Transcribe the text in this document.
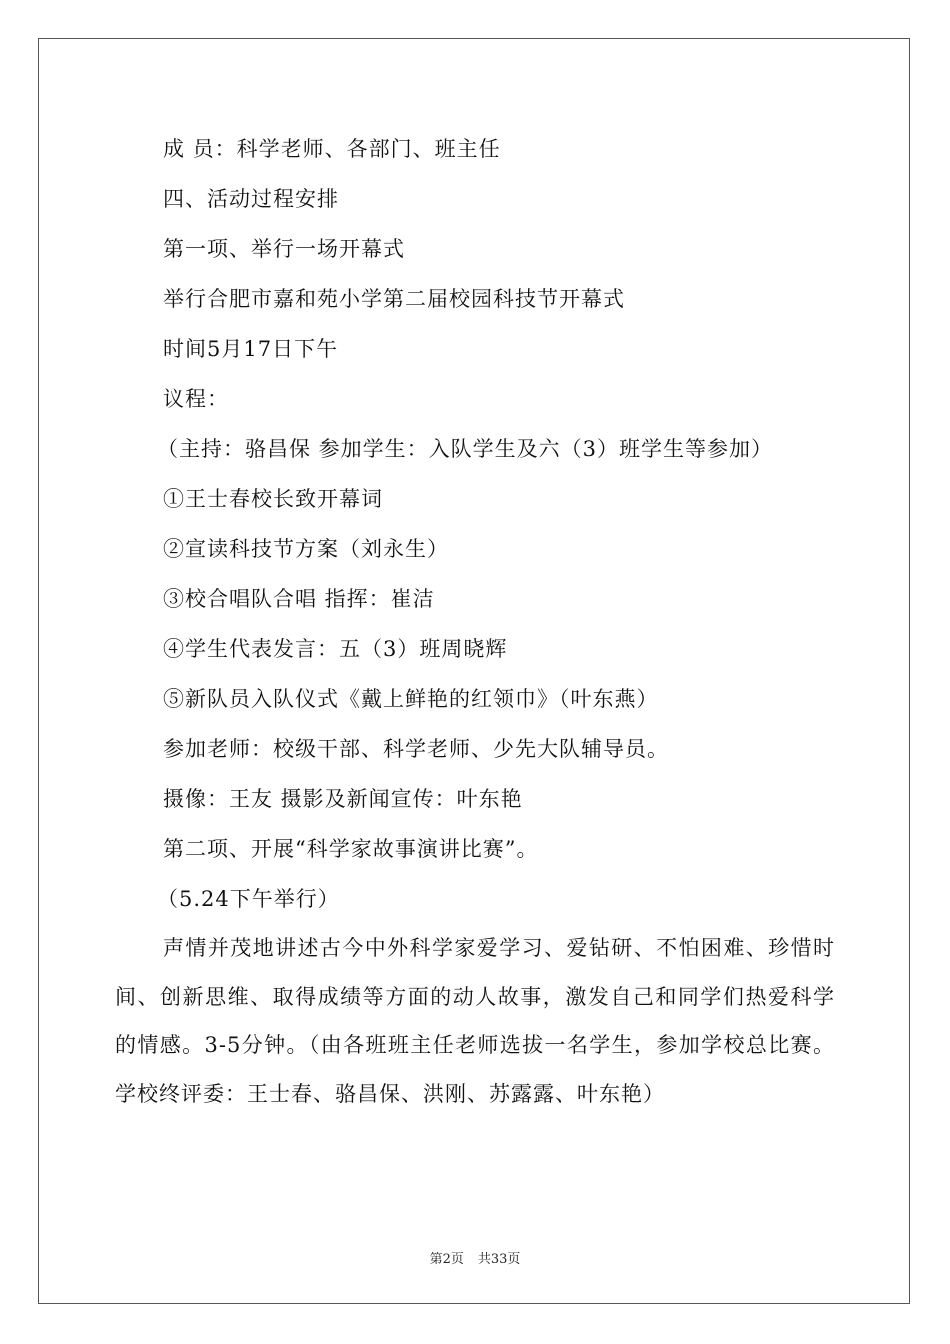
成 员：科学老师、各部门、班主任
四、活动过程安排
第一项、举行一场开幕式
举行合肥市嘉和苑小学第二届校园科技节开幕式
时间5月17日下午
议程：
（主持：骆昌保 参加学生：入队学生及六（3）班学生等参加）
①王士春校长致开幕词
②宣读科技节方案（刘永生）
③校合唱队合唱 指挥：崔洁
④学生代表发言：五（3）班周晓辉
⑤新队员入队仪式《戴上鲜艳的红领巾》（叶东燕）
参加老师：校级干部、科学老师、少先大队辅导员。
摄像：王友 摄影及新闻宣传：叶东艳
第二项、开展“科学家故事演讲比赛”。
（5.24下午举行）

声情并茂地讲述古今中外科学家爱学习、爱钻研、不怕困难、珍惜时间、创新思维、取得成绩等方面的动人故事，激发自己和同学们热爱科学的情感。3-5分钟。（由各班班主任老师选拔一名学生，参加学校总比赛。学校终评委：王士春、骆昌保、洪刚、苏露露、叶东艳）

第2页 共33页
